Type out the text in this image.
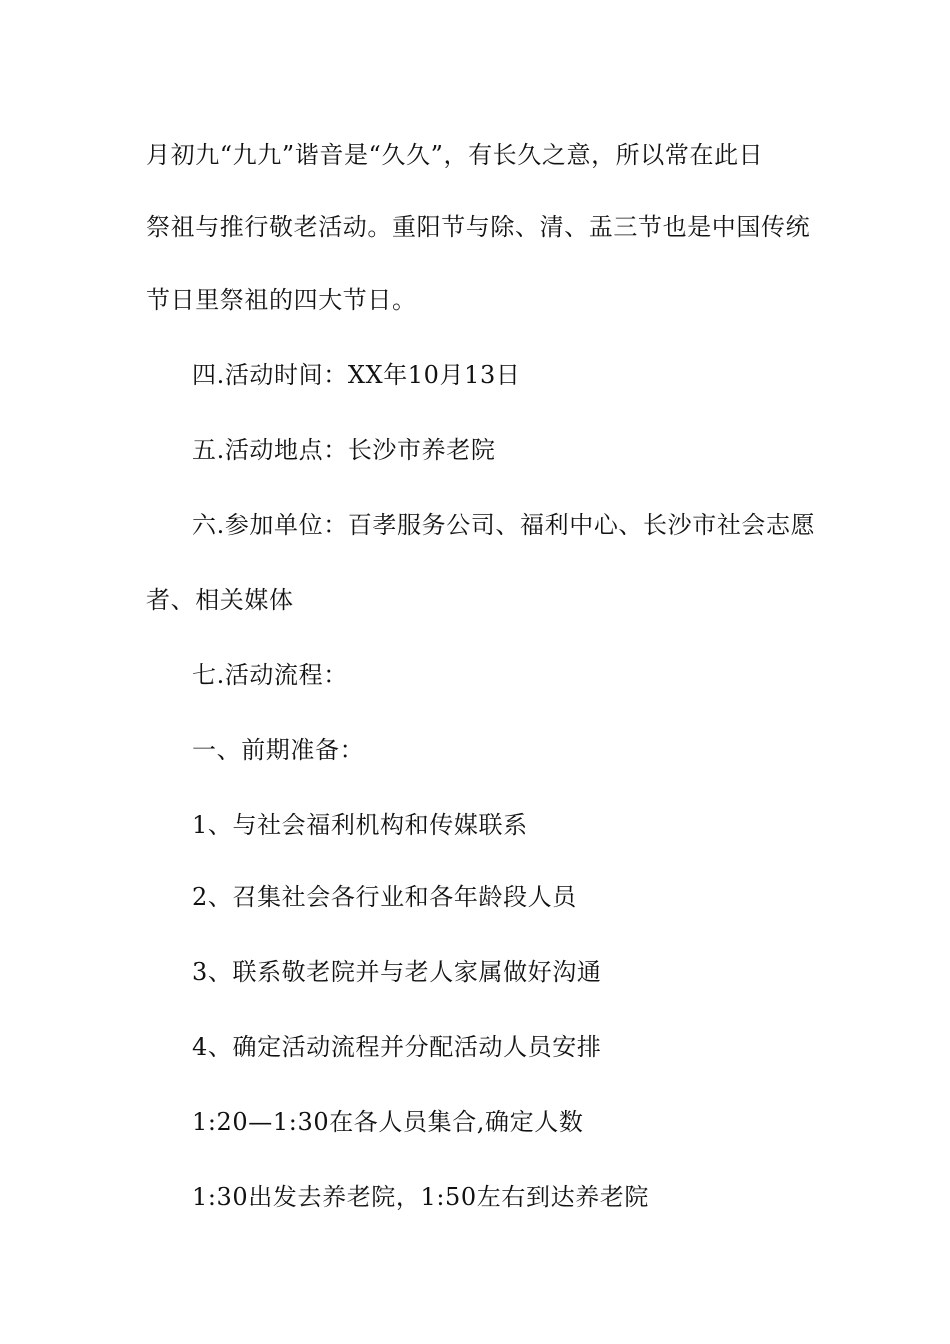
月初九“九九”谐音是“久久”，有长久之意，所以常在此日
祭祖与推行敬老活动。重阳节与除、清、盂三节也是中国传统
节日里祭祖的四大节日。
四.活动时间：XX年10月13日
五.活动地点：长沙市养老院
六.参加单位：百孝服务公司、福利中心、长沙市社会志愿
者、相关媒体
七.活动流程：
一、前期准备：
1、与社会福利机构和传媒联系
2、召集社会各行业和各年龄段人员
3、联系敬老院并与老人家属做好沟通
4、确定活动流程并分配活动人员安排
1:20—1:30在各人员集合,确定人数
1:30出发去养老院，1:50左右到达养老院
